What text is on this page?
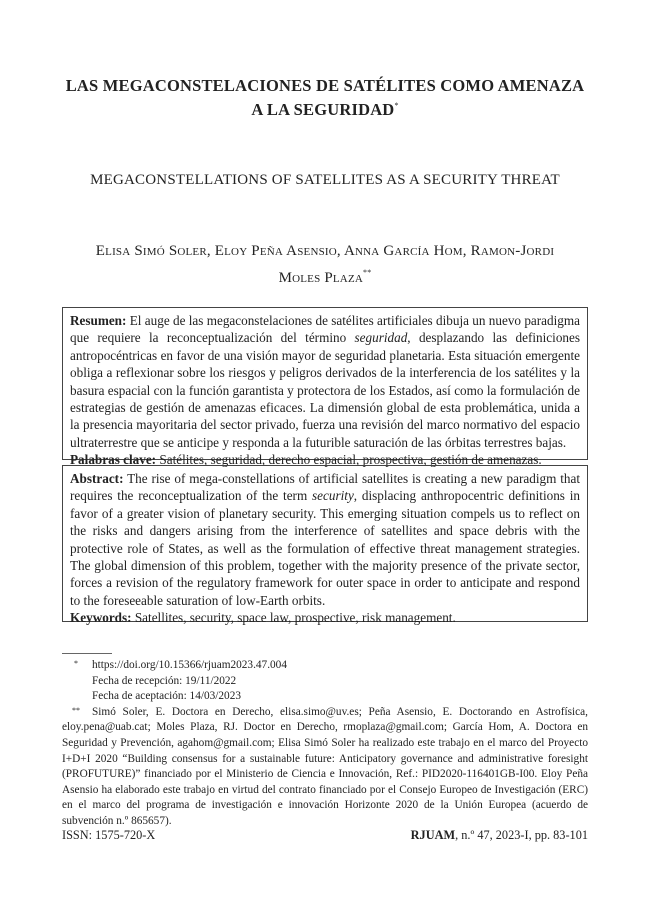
LAS MEGACONSTELACIONES DE SATÉLITES COMO AMENAZA
A LA SEGURIDAD*
MEGACONSTELLATIONS OF SATELLITES AS A SECURITY THREAT
Elisa Simó Soler, Eloy Peña Asensio, Anna García Hom, Ramon-Jordi
Moles Plaza**

Resumen: El auge de las megaconstelaciones de satélites artificiales dibuja un nuevo paradigma que requiere la reconceptualización del término seguridad, desplazando las definiciones antropocéntricas en favor de una visión mayor de seguridad planetaria. Esta situación emergente obliga a reflexionar sobre los riesgos y peligros derivados de la interferencia de los satélites y la basura espacial con la función garantista y protectora de los Estados, así como la formulación de estrategias de gestión de amenazas eficaces. La dimensión global de esta problemática, unida a la presencia mayoritaria del sector privado, fuerza una revisión del marco normativo del espacio ultraterrestre que se anticipe y responda a la futurible saturación de las órbitas terrestres bajas.

Palabras clave: Satélites, seguridad, derecho espacial, prospectiva, gestión de amenazas.

Abstract: The rise of mega-constellations of artificial satellites is creating a new paradigm that requires the reconceptualization of the term security, displacing anthropocentric definitions in favor of a greater vision of planetary security. This emerging situation compels us to reflect on the risks and dangers arising from the interference of satellites and space debris with the protective role of States, as well as the formulation of effective threat management strategies. The global dimension of this problem, together with the majority presence of the private sector, forces a revision of the regulatory framework for outer space in order to anticipate and respond to the foreseeable saturation of low-Earth orbits.

Keywords: Satellites, security, space law, prospective, risk management.

* https://doi.org/10.15366/rjuam2023.47.004
Fecha de recepción: 19/11/2022
Fecha de aceptación: 14/03/2023
** Simó Soler, E. Doctora en Derecho, elisa.simo@uv.es; Peña Asensio, E. Doctorando en Astrofísica, eloy.pena@uab.cat; Moles Plaza, RJ. Doctor en Derecho, rmoplaza@gmail.com; García Hom, A. Doctora en Seguridad y Prevención, agahom@gmail.com; Elisa Simó Soler ha realizado este trabajo en el marco del Proyecto I+D+I 2020 “Building consensus for a sustainable future: Anticipatory governance and administrative foresight (PROFUTURE)” financiado por el Ministerio de Ciencia e Innovación, Ref.: PID2020-116401GB-I00. Eloy Peña Asensio ha elaborado este trabajo en virtud del contrato financiado por el Consejo Europeo de Investigación (ERC) en el marco del programa de investigación e innovación Horizonte 2020 de la Unión Europea (acuerdo de subvención n.º 865657).
ISSN: 1575-720-X	RJUAM, n.º 47, 2023-I, pp. 83-101
